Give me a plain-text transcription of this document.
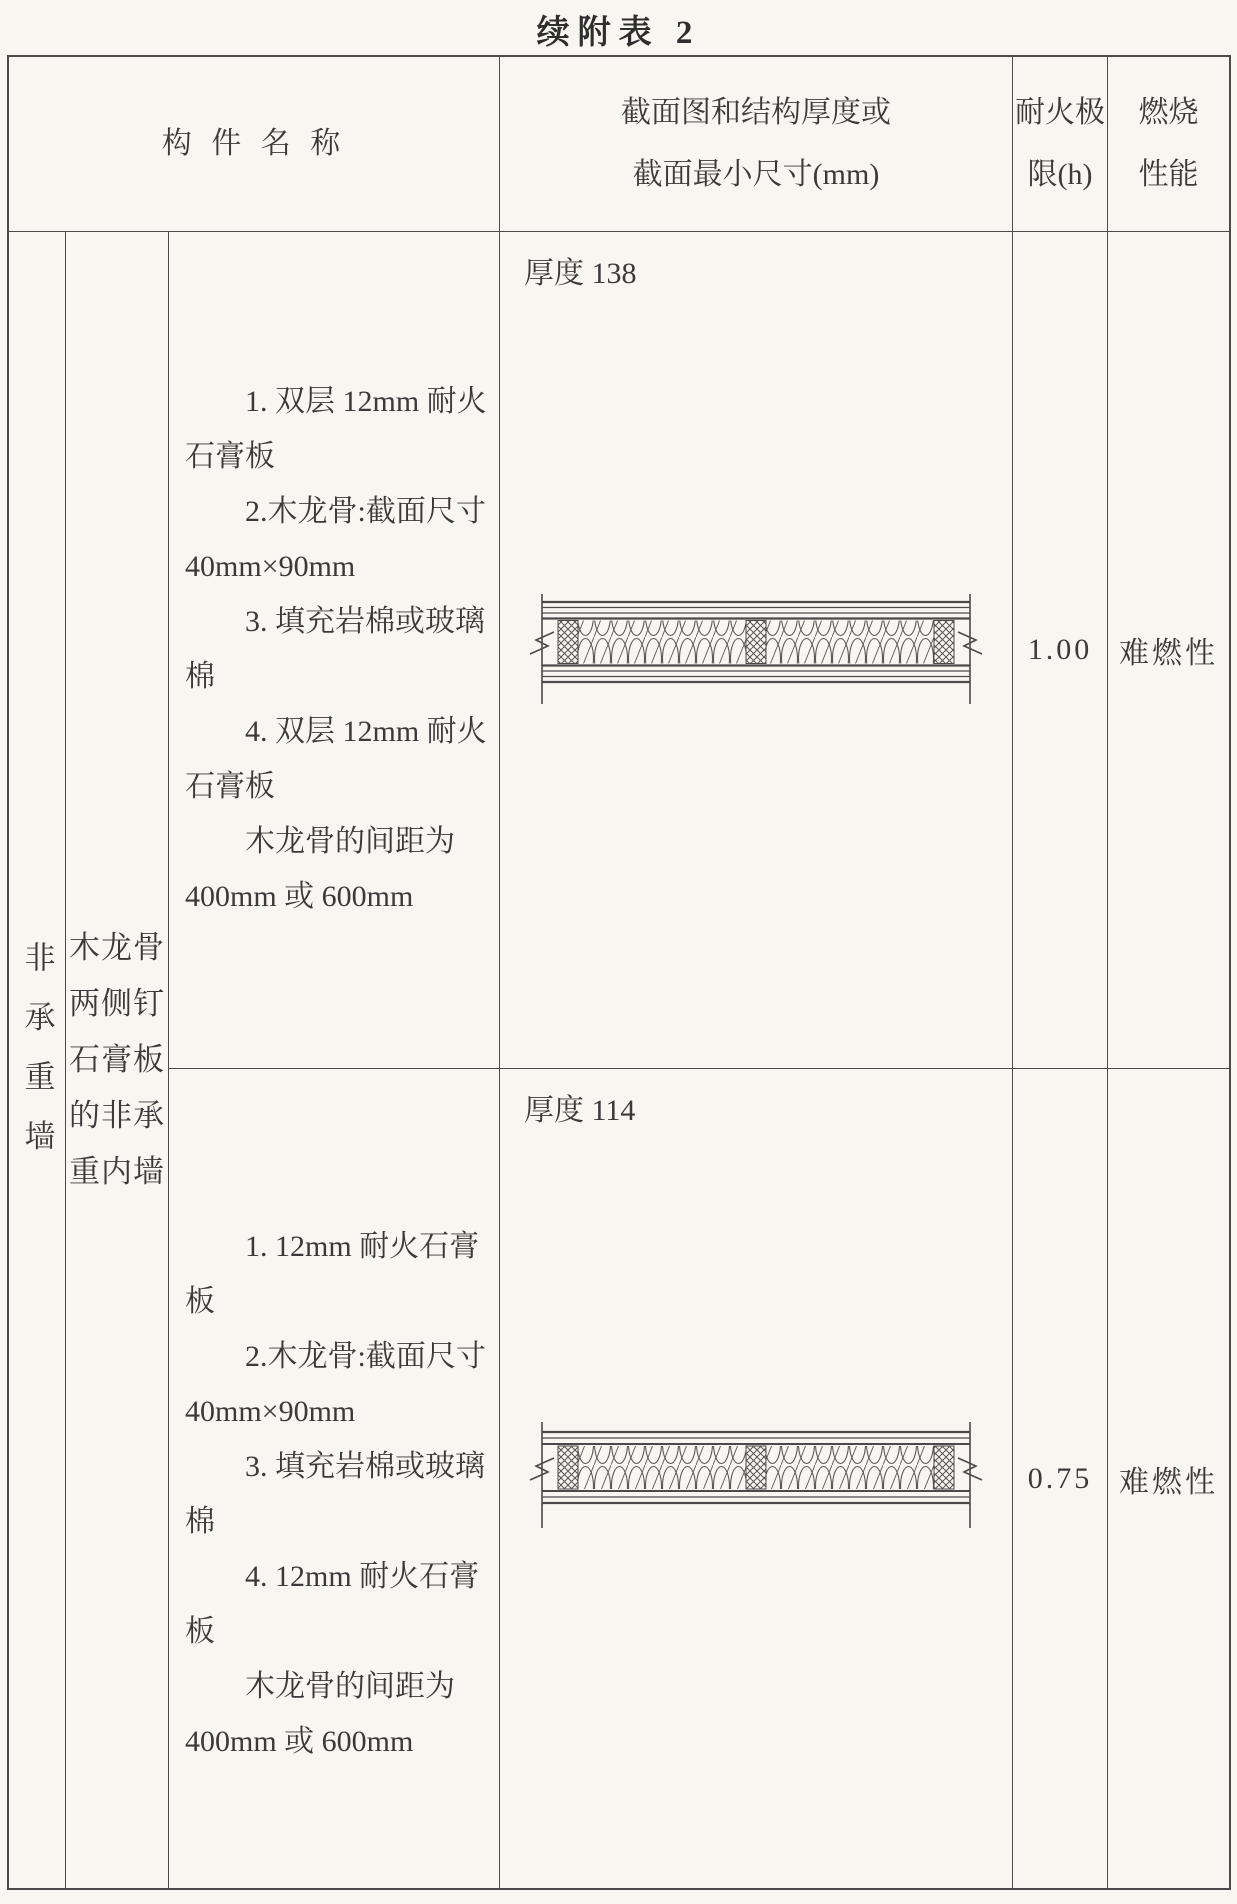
续附表 2
构 件 名 称
截面图和结构厚度或
截面最小尺寸(mm)
耐火极
限(h)
燃烧
性能
非承重墙 木龙骨两侧钉石膏板的非承重内墙

1. 双层 12mm 耐火石膏板

2.木龙骨:截面尺寸 40mm×90mm

3. 填充岩棉或玻璃棉

4. 双层 12mm 耐火石膏板

木龙骨的间距为 400mm 或 600mm

厚度 138
1.00 难燃性

1. 12mm 耐火石膏板

2.木龙骨:截面尺寸 40mm×90mm

3. 填充岩棉或玻璃棉

4. 12mm 耐火石膏板

木龙骨的间距为 400mm 或 600mm

厚度 114
0.75 难燃性
